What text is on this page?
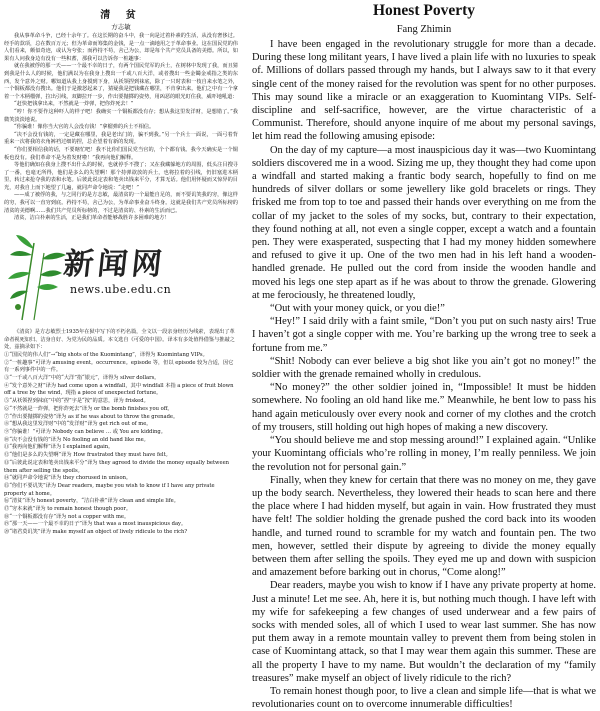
清 贫
方志敏

我从事革命斗争，已经十余年了。在这长期的奋斗中，我一向是过着朴素的生活，从没有奢侈过。经手的款项，总在数百万元；但为革命而筹集的金钱，是一点一滴地用之于革命事业。这在国民党的伟人们看来，颇似奇迹，或认为夸张；而矜持不苟，舍己为公，却是每个共产党员具备的美德。所以，如果有人问我身边有没有一些积蓄，那我可以告诉你一桩趣事：

就在我被俘的那一天——一个最不幸的日子，有两个国民党军的兵士，在树林中发现了我，而且猜到我是什么人的时候，他们满以为在我身上搜出一千或八百大洋，或者搜出一些金镯金戒指之类的东西，发个意外之财。哪知道从我上身摸到下身，从袄领捏到袜底，除了一只时表和一枝自来水笔之外，一个铜板都没有搜出。他们于是激怒起来了，猜疑我是把钱藏在哪里，不肯拿出来。他们之中有一个拿着一个木柄榴弹，拉出引线，双脚拉开一步，作出要抛掷的姿势，用凶恶的眼光盯住我，威吓地吼道：

“赶快把钱拿出来，不然就是一炸弹，把你炸死去！”

“哼！你不要作这种吓人的样子吧！我确实一个铜板都没有存；想从我这里发洋财，是想错了。”我微笑淡淡地说。

“你骗谁！像你当大官的人会没有钱！”拿榴弹的兵士不相信。

“决不会没有钱的，一定是藏在哪里，我是老出门的，骗不到我。”另一个兵士一面说，一面弓着背重来一次将我的衣角裤裆过细的捏，总企望着有新的发现。

“你们要相信我的话，不要瞎忙吧！我不比你们国民党当官的，个个都有钱。我今天确实是一个铜板也没有。我们革命不是为着发财啦！”我再向他们解释。

等他们确知在我身上搜不出什么的时候，也就停手不搜了；又在我藏躲地方的周围，低头注目搜寻了一番，也毫无所得，他们是多么的失望啊！那个持弹欲放的兵士，也将拉着的引线，仍旧塞进木柄里，转过来抢夺我的表和水笔。后彼此说定表和笔卖出钱来平分，才算无话。他们用怀疑而又惊异的目光，对我自上而下地望了几遍，就同声命令地说：“走吧！”

——成了被俘的我，与之同行的是方志敏，最清贫的一个最能自足的，而不要讥笑我的穷，像这样的穷，我可以一直穷到底。矜持不苟，舍己为公，为革命事业奋斗终身。这就是我们共产党员所标榜的清贫的美德啊……我们共产党员所标榜的，不过是清贫的、朴素的生活而已。

清贫，洁白朴素的生活，正是我们革命者能够战胜许多困难的地方！

新闻网
news.ube.edu.cn

《清贫》是方志敏烈士1935年在狱中写下的不朽名篇，全文以一段亲身经历为线索，表现出了革命者视死如归、洁身自好、为党为民的品质。本文选自《可爱的中国》。译本有多处值得借鉴与推敲之处，兹摘录如下：

①“国民党的伟人们”→“big shots of the Kuomintang”，译得为 Kuomintang VIPs。

②“一桩趣事”可译为 amusing event。occurrence。episode 等，但以 episode 较为合适，因它有一系列事件中的一件。

③“一千或八百大洋”中的“大洋”指“银元”，译得为 silver dollars。

④“发个意外之财”译为 had come upon a windfall，其中 windfall 本指 a piece of fruit blown off a tree by the wind，现指 a piece of unexpected fortune。

⑤“从袄领捏到袜底”中的“捏”字是“按”的意思，译为 frisked。

⑥“不然就是一炸弹，把你炸死去”译为 or the bomb finishes you off。

⑦“作出要抛掷的姿势”译为 as if he was about to throw the grenade。

⑧“想从我这里发洋财”中的“发洋财”译为 get rich out of me。

⑨“你骗谁！”可译为 Nobody can believe … 或 You are kidding。

⑩“决不会没有钱的”译为 No fooling an old hand like me。

⑪“我再向他们解释”译为 I explained again。

⑫“他们是多么的失望啊”译为 How frustrated they must have felt。

⑬“后彼此说定表和笔卖出钱来平分”译为 they agreed to divide the money equally between them after selling the spoils。

⑭“就同声命令地说”译为 they chorused in unison。

⑮“你们不要讥笑”译为 Dear readers, maybe you wish to know if I have any private property at home。

⑯“清贫”译为 honest poverty，“洁白朴素”译为 clean and simple life。

⑰“穷本来就”译为 to remain honest though poor。

⑱“一个铜板都没有存”译为 not a copper with me。

⑲“那一天——一个最不幸的日子”译为 that was a most inauspicious day。

⑳“诸君莫讥笑”译为 make myself an object of lively ridicule to the rich?

Honest Poverty
Fang Zhimin

I have been engaged in the revolutionary struggle for more than a decade. During these long militant years, I have lived a plain life with no luxuries to speak of. Millions of dollars passed through my hands, but I always saw to it that every single cent of the money raised for the revolution was spent for no other purposes. This may sound like a miracle or an exaggeration to Kuomintang VIPs. Self-discipline and self-sacrifice, however, are the virtue characteristic of a Communist. Therefore, should anyone inquire of me about my personal savings, let him read the following amusing episode:

On the day of my capture—a most inauspicious day it was—two Kuomintang soldiers discovered me in a wood. Sizing me up, they thought they had come upon a windfall and started making a frantic body search, hopefully to find on me hundreds of silver dollars or some jewellery like gold bracelets or rings. They frisked me from top to toe and passed their hands over everything on me from the collar of my jacket to the soles of my socks, but, contrary to their expectation, they found nothing at all, not even a single copper, except a watch and a fountain pen. They were exasperated, suspecting that I had my money hidden somewhere and refused to give it up. One of the two men had in his left hand a wooden-handled grenade. He pulled out the cord from inside the wooden handle and moved his legs one step apart as if he was about to throw the grenade. Glowering at me ferociously, he threatened loudly,

“Out with your money quick, or you die!”

“Hey!” I said drily with a faint smile, “Don’t you put on such nasty airs! True I haven’t got a single copper with me. You’re barking up the wrong tree to seek a fortune from me.”

“Shit! Nobody can ever believe a big shot like you ain’t got no money!” the soldier with the grenade remained wholly in credulous.

“No money?” the other soldier joined in, “Impossible! It must be hidden somewhere. No fooling an old hand like me.” Meanwhile, he bent low to pass his hand again meticulously over every nook and corner of my clothes and the crotch of my trousers, still holding out high hopes of making a new discovery.

“You should believe me and stop messing around!” I explained again. “Unlike your Kuomintang officials who’re rolling in money, I’m really penniless. We join the revolution not for personal gain.”

Finally, when they knew for certain that there was no money on me, they gave up the body search. Nevertheless, they lowered their heads to scan here and there the place where I had hidden myself, but again in vain. How frustrated they must have felt! The soldier holding the grenade pushed the cord back into its wooden handle, and turned round to scramble for my watch and fountain pen. The two men, however, settled their dispute by agreeing to divide the money equally between them after selling the spoils. They eyed me up and down with suspicion and amazement before barking out in chorus, “Come along!”

Dear readers, maybe you wish to know if I have any private property at home. Just a minute! Let me see. Ah, here it is, but nothing much though. I have left with my wife for safekeeping a few changes of used underwear and a few pairs of socks with mended soles, all of which I used to wear last summer. She has now put them away in a remote mountain valley to prevent them from being stolen in case of Kuomintang attack, so that I may wear them again this summer. These are all the property I have to my name. But wouldn’t the declaration of my “family treasures” make myself an object of lively ridicule to the rich?

To remain honest though poor, to live a clean and simple life—that is what we revolutionaries count on to overcome innumerable difficulties!
